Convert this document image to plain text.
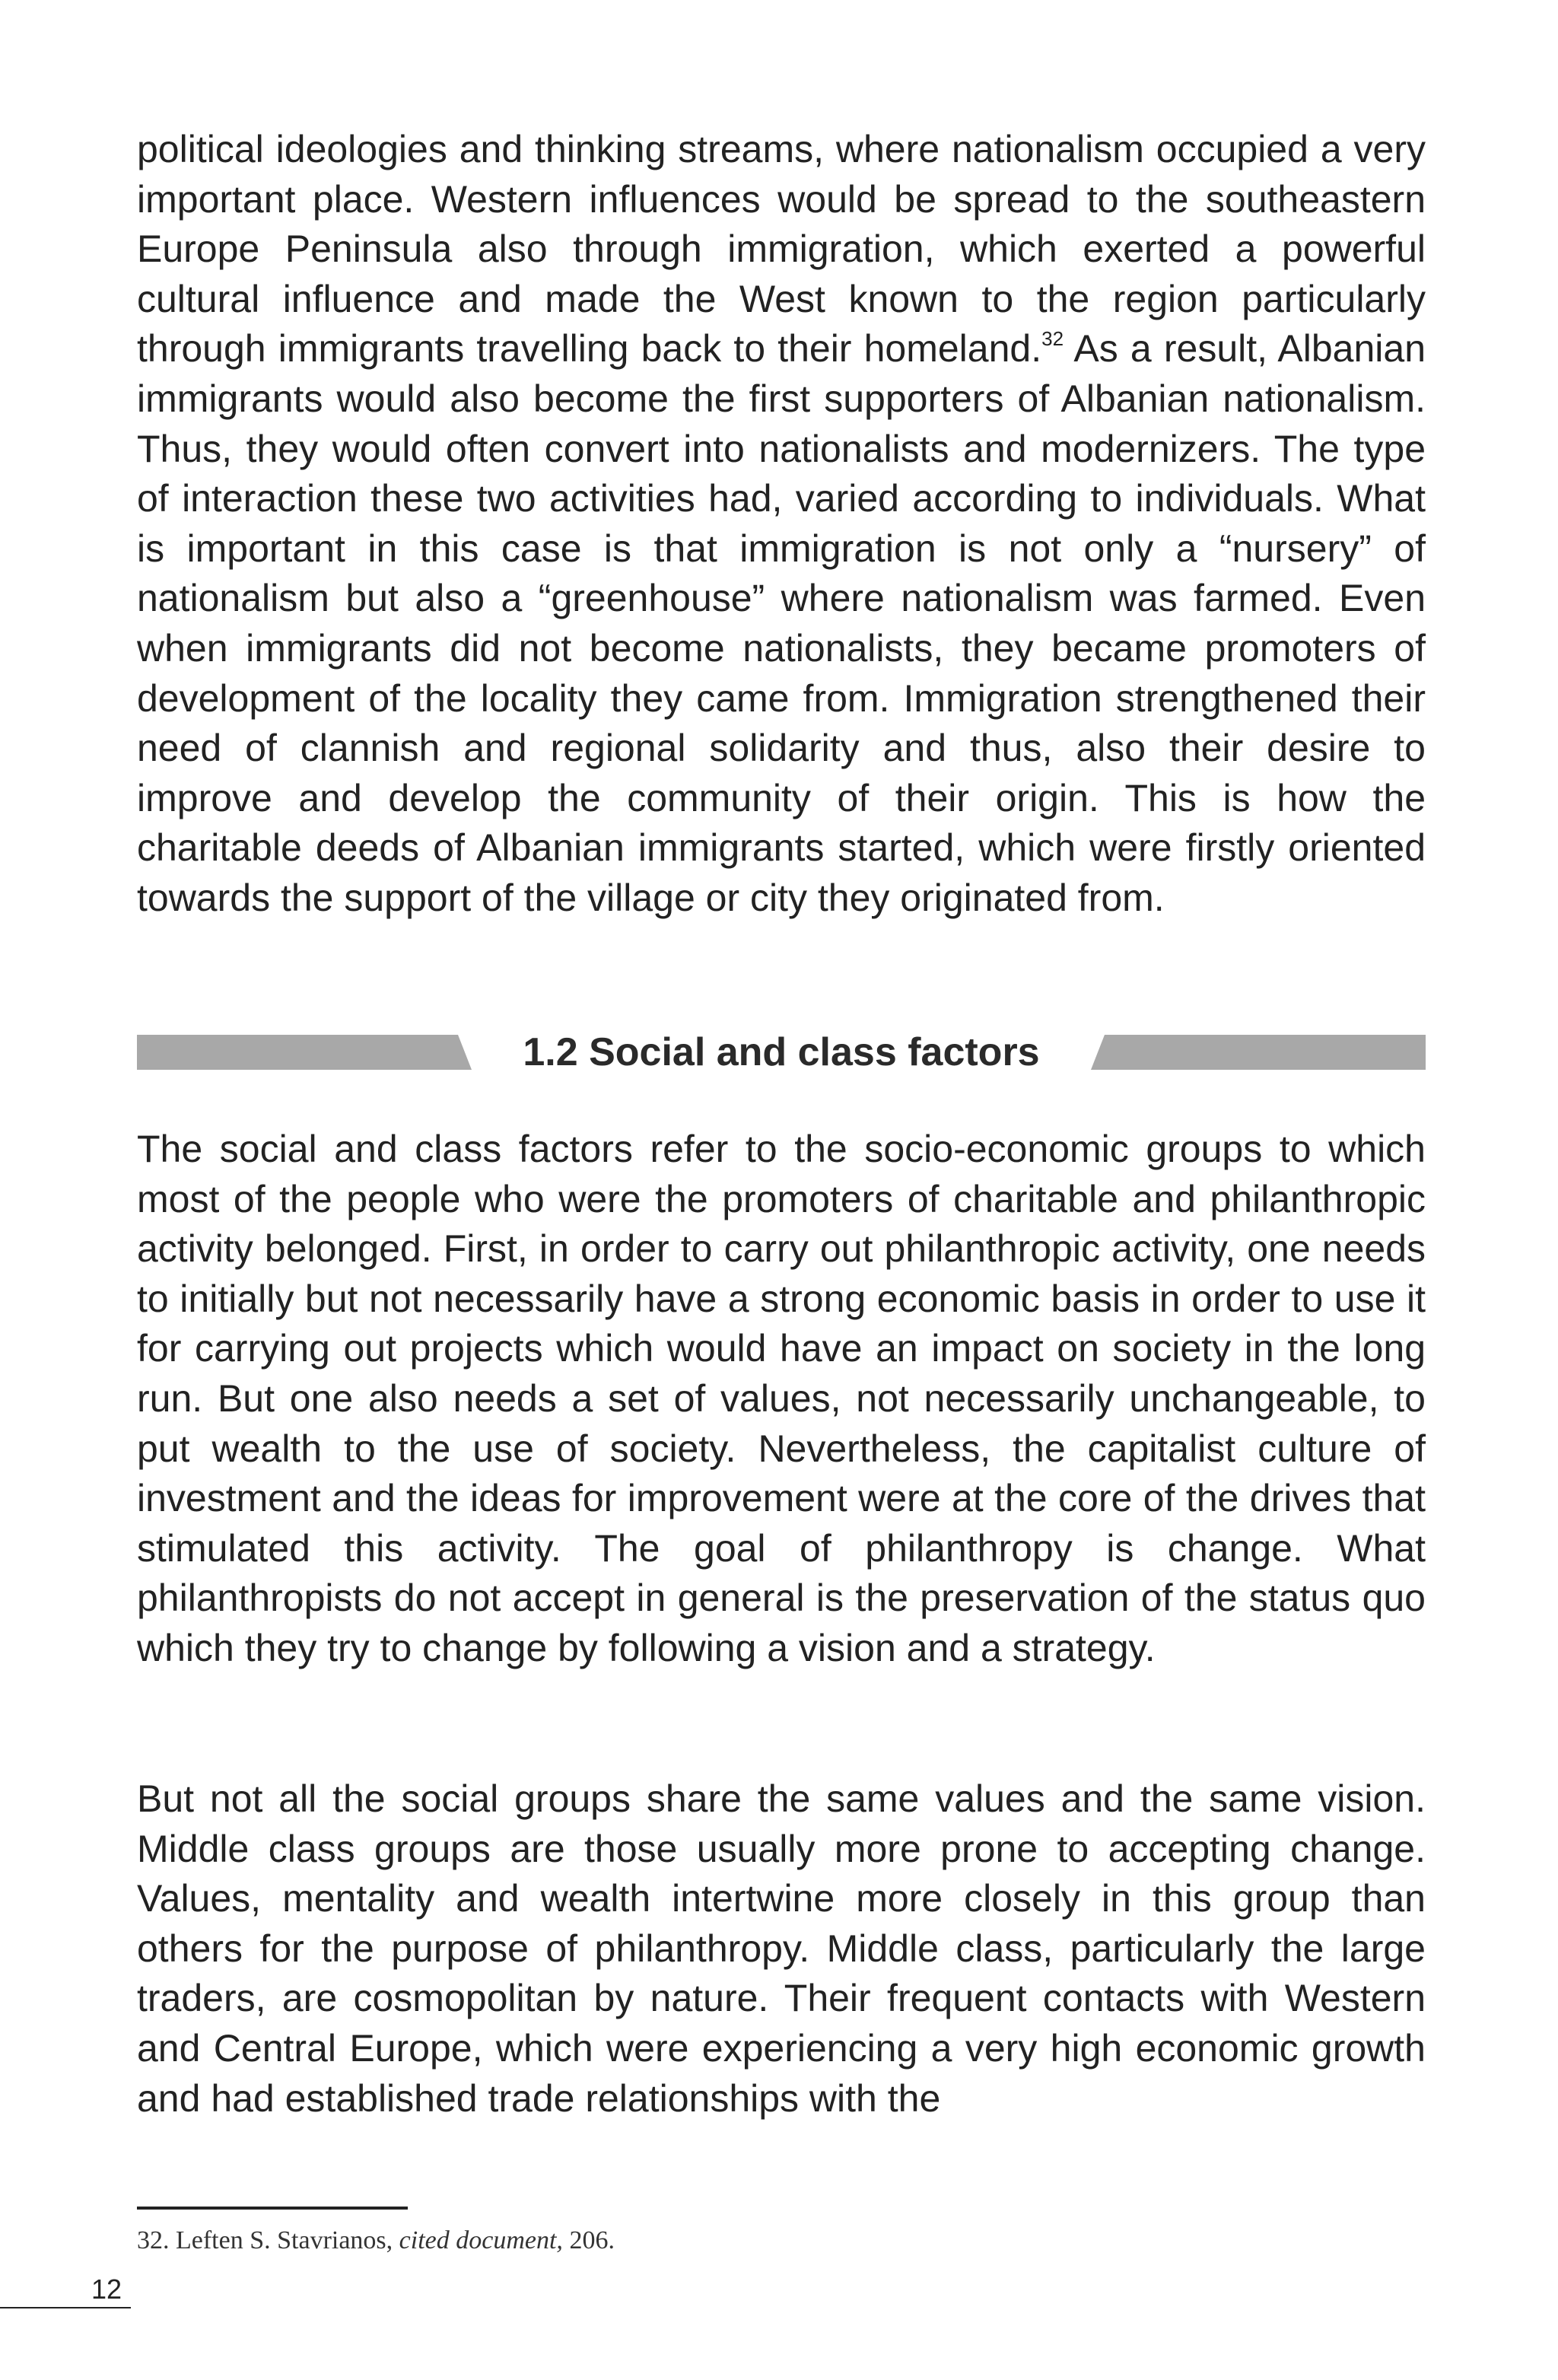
political ideologies and thinking streams, where nationalism occupied a very important place. Western influences would be spread to the southeastern Europe Peninsula also through immigration, which exerted a powerful cultural influence and made the West known to the region particularly through immigrants travelling back to their homeland.$^{32}$ As a result, Albanian immigrants would also become the first supporters of Albanian nationalism. Thus, they would often convert into nationalists and modernizers. The type of interaction these two activities had, varied according to individuals. What is important in this case is that immigration is not only a “nursery” of nationalism but also a “greenhouse” where nationalism was farmed. Even when immigrants did not become nationalists, they became promoters of development of the locality they came from. Immigration strengthened their need of clannish and regional solidarity and thus, also their desire to improve and develop the community of their origin. This is how the charitable deeds of Albanian immigrants started, which were firstly oriented towards the support of the village or city they originated from.

1.2 Social and class factors

The social and class factors refer to the socio-economic groups to which most of the people who were the promoters of charitable and philanthropic activity belonged. First, in order to carry out philanthropic activity, one needs to initially but not necessarily have a strong economic basis in order to use it for carrying out projects which would have an impact on society in the long run. But one also needs a set of values, not necessarily unchangeable, to put wealth to the use of society. Nevertheless, the capitalist culture of investment and the ideas for improvement were at the core of the drives that stimulated this activity. The goal of philanthropy is change. What philanthropists do not accept in general is the preservation of the status quo which they try to change by following a vision and a strategy.

But not all the social groups share the same values and the same vision. Middle class groups are those usually more prone to accepting change. Values, mentality and wealth intertwine more closely in this group than others for the purpose of philanthropy. Middle class, particularly the large traders, are cosmopolitan by nature. Their frequent contacts with Western and Central Europe, which were experiencing a very high economic growth and had established trade relationships with the

32. Leften S. Stavrianos, cited document, 206.
12
